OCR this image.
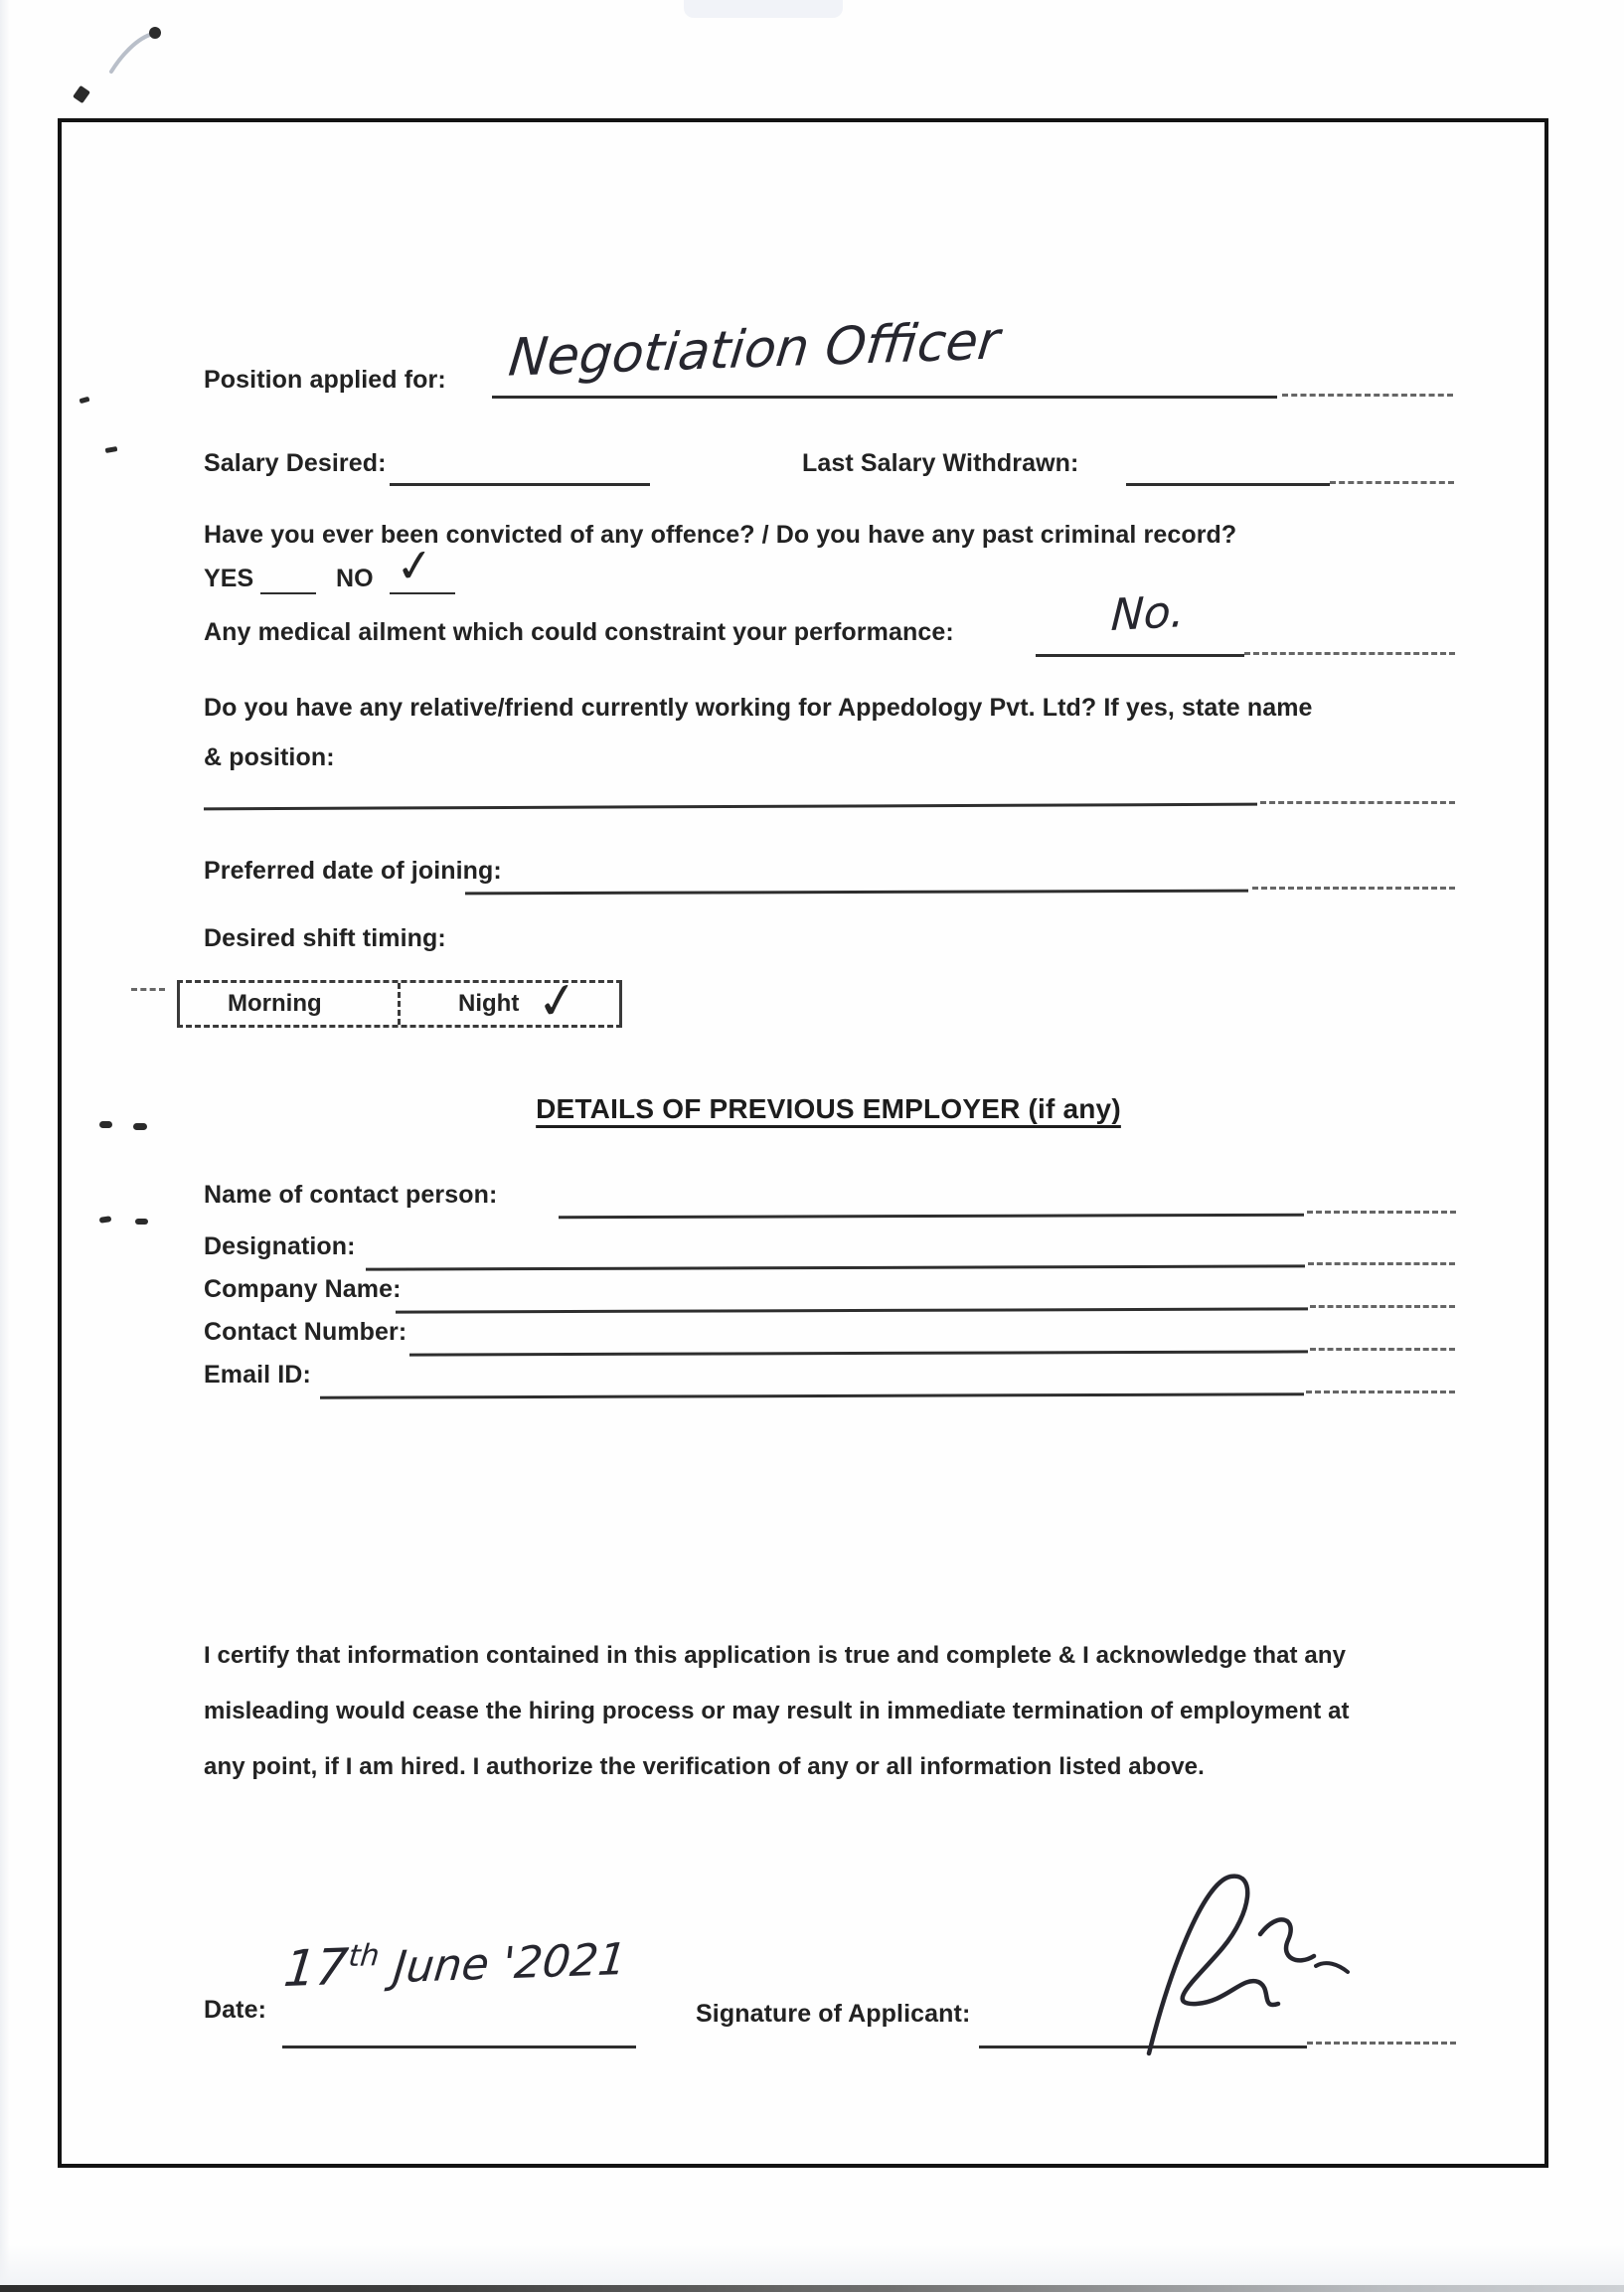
Position applied for: Negotiation Officer
Salary Desired:	Last Salary Withdrawn:
Have you ever been convicted of any offence? / Do you have any past criminal record?
YES	NO ✓
Any medical ailment which could constraint your performance:	No.
Do you have any relative/friend currently working for Appedology Pvt. Ltd? If yes, state name
& position:
Preferred date of joining:
Desired shift timing:
Morning	Night ✓
DETAILS OF PREVIOUS EMPLOYER (if any)
Name of contact person:
Designation:
Company Name:
Contact Number:
Email ID:
I certify that information contained in this application is true and complete & I acknowledge that any
misleading would cease the hiring process or may result in immediate termination of employment at
any point, if I am hired. I authorize the verification of any or all information listed above.
Date:
17th June '2021
Signature of Applicant:
